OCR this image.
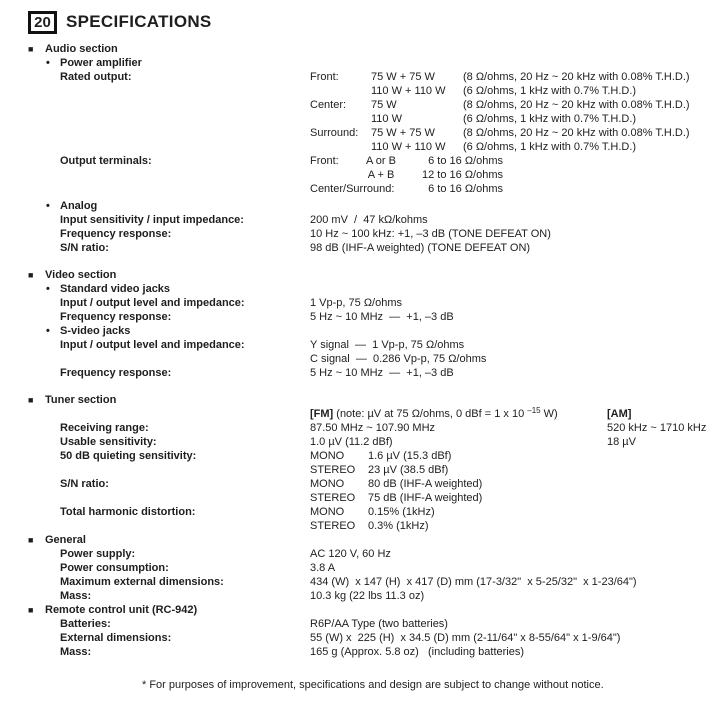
20 SPECIFICATIONS
■ Audio section
• Power amplifier
Rated output:	Front:	75 W + 75 W	(8 Ω/ohms, 20 Hz ~ 20 kHz with 0.08% T.H.D.)
110 W + 110 W (6 Ω/ohms, 1 kHz with 0.7% T.H.D.)
Center: 75 W	(8 Ω/ohms, 20 Hz ~ 20 kHz with 0.08% T.H.D.)
110 W	(6 Ω/ohms, 1 kHz with 0.7% T.H.D.)
Surround: 75 W + 75 W	(8 Ω/ohms, 20 Hz ~ 20 kHz with 0.08% T.H.D.)
110 W + 110 W (6 Ω/ohms, 1 kHz with 0.7% T.H.D.)
Output terminals:	Front:	A or B	6 to 16 Ω/ohms
A + B	12 to 16 Ω/ohms
Center/Surround:	6 to 16 Ω/ohms
• Analog
Input sensitivity / input impedance:	200 mV  /  47 kΩ/kohms
Frequency response:	10 Hz ~ 100 kHz: +1, –3 dB (TONE DEFEAT ON)
S/N ratio:	98 dB (IHF-A weighted) (TONE DEFEAT ON)
■ Video section
• Standard video jacks
Input / output level and impedance:	1 Vp-p, 75 Ω/ohms
Frequency response:	5 Hz ~ 10 MHz  —  +1, –3 dB
• S-video jacks
Input / output level and impedance:	Y signal  —  1 Vp-p, 75 Ω/ohms
C signal  —  0.286 Vp-p, 75 Ω/ohms
Frequency response:	5 Hz ~ 10 MHz  —  +1, –3 dB
■ Tuner section
[FM] (note: µV at 75 Ω/ohms, 0 dBf = 1 x 10 $^{-15}$ W)	[AM]
Receiving range:	87.50 MHz ~ 107.90 MHz	520 kHz ~ 1710 kHz
Usable sensitivity:	1.0 µV (11.2 dBf)	18 µV
50 dB quieting sensitivity:	MONO 1.6 µV (15.3 dBf)
STEREO 23 µV (38.5 dBf)
S/N ratio:	MONO 80 dB (IHF-A weighted)
STEREO 75 dB (IHF-A weighted)
Total harmonic distortion:	MONO 0.15% (1kHz)
STEREO 0.3% (1kHz)
■ General
Power supply:	AC 120 V, 60 Hz
Power consumption:	3.8 A
Maximum external dimensions:	434 (W)  x 147 (H)  x 417 (D) mm (17-3/32"  x 5-25/32"  x 1-23/64")
Mass:	10.3 kg (22 lbs 11.3 oz)
■ Remote control unit (RC-942)
Batteries:	R6P/AA Type (two batteries)
External dimensions:	55 (W) x  225 (H)  x 34.5 (D) mm (2-11/64" x 8-55/64" x 1-9/64")
Mass:	165 g (Approx. 5.8 oz)   (including batteries)
* For purposes of improvement, specifications and design are subject to change without notice.
